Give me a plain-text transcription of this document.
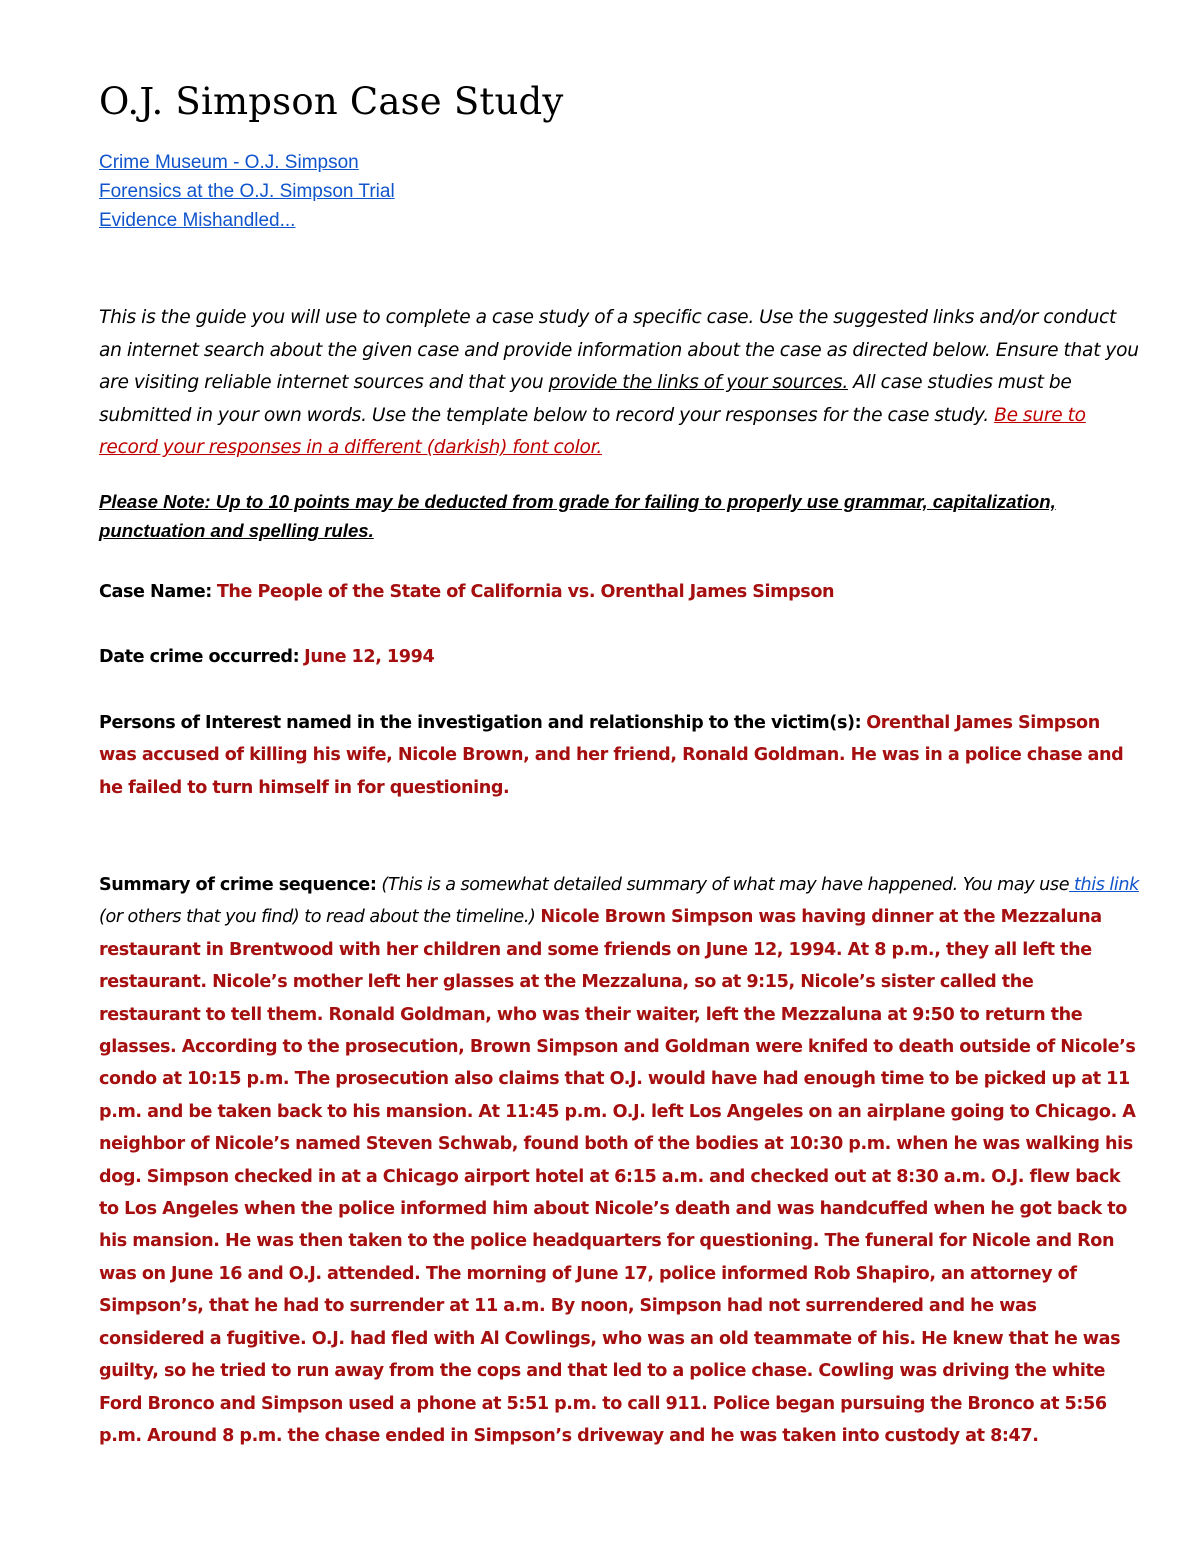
O.J. Simpson Case Study
Crime Museum - O.J. Simpson
Forensics at the O.J. Simpson Trial
Evidence Mishandled...
This is the guide you will use to complete a case study of a specific case. Use the suggested links and/or conduct an internet search about the given case and provide information about the case as directed below. Ensure that you are visiting reliable internet sources and that you provide the links of your sources. All case studies must be submitted in your own words. Use the template below to record your responses for the case study. Be sure to record your responses in a different (darkish) font color.
Please Note: Up to 10 points may be deducted from grade for failing to properly use grammar, capitalization, punctuation and spelling rules.
Case Name: The People of the State of California vs. Orenthal James Simpson
Date crime occurred: June 12, 1994
Persons of Interest named in the investigation and relationship to the victim(s): Orenthal James Simpson was accused of killing his wife, Nicole Brown, and her friend, Ronald Goldman. He was in a police chase and he failed to turn himself in for questioning.
Summary of crime sequence: (This is a somewhat detailed summary of what may have happened. You may use this link (or others that you find) to read about the timeline.) Nicole Brown Simpson was having dinner at the Mezzaluna restaurant in Brentwood with her children and some friends on June 12, 1994. At 8 p.m., they all left the restaurant. Nicole’s mother left her glasses at the Mezzaluna, so at 9:15, Nicole’s sister called the restaurant to tell them. Ronald Goldman, who was their waiter, left the Mezzaluna at 9:50 to return the glasses. According to the prosecution, Brown Simpson and Goldman were knifed to death outside of Nicole’s condo at 10:15 p.m. The prosecution also claims that O.J. would have had enough time to be picked up at 11 p.m. and be taken back to his mansion. At 11:45 p.m. O.J. left Los Angeles on an airplane going to Chicago. A neighbor of Nicole’s named Steven Schwab, found both of the bodies at 10:30 p.m. when he was walking his dog. Simpson checked in at a Chicago airport hotel at 6:15 a.m. and checked out at 8:30 a.m. O.J. flew back to Los Angeles when the police informed him about Nicole’s death and was handcuffed when he got back to his mansion. He was then taken to the police headquarters for questioning. The funeral for Nicole and Ron was on June 16 and O.J. attended. The morning of June 17, police informed Rob Shapiro, an attorney of Simpson’s, that he had to surrender at 11 a.m. By noon, Simpson had not surrendered and he was considered a fugitive. O.J. had fled with Al Cowlings, who was an old teammate of his. He knew that he was guilty, so he tried to run away from the cops and that led to a police chase. Cowling was driving the white Ford Bronco and Simpson used a phone at 5:51 p.m. to call 911. Police began pursuing the Bronco at 5:56 p.m. Around 8 p.m. the chase ended in Simpson’s driveway and he was taken into custody at 8:47.
